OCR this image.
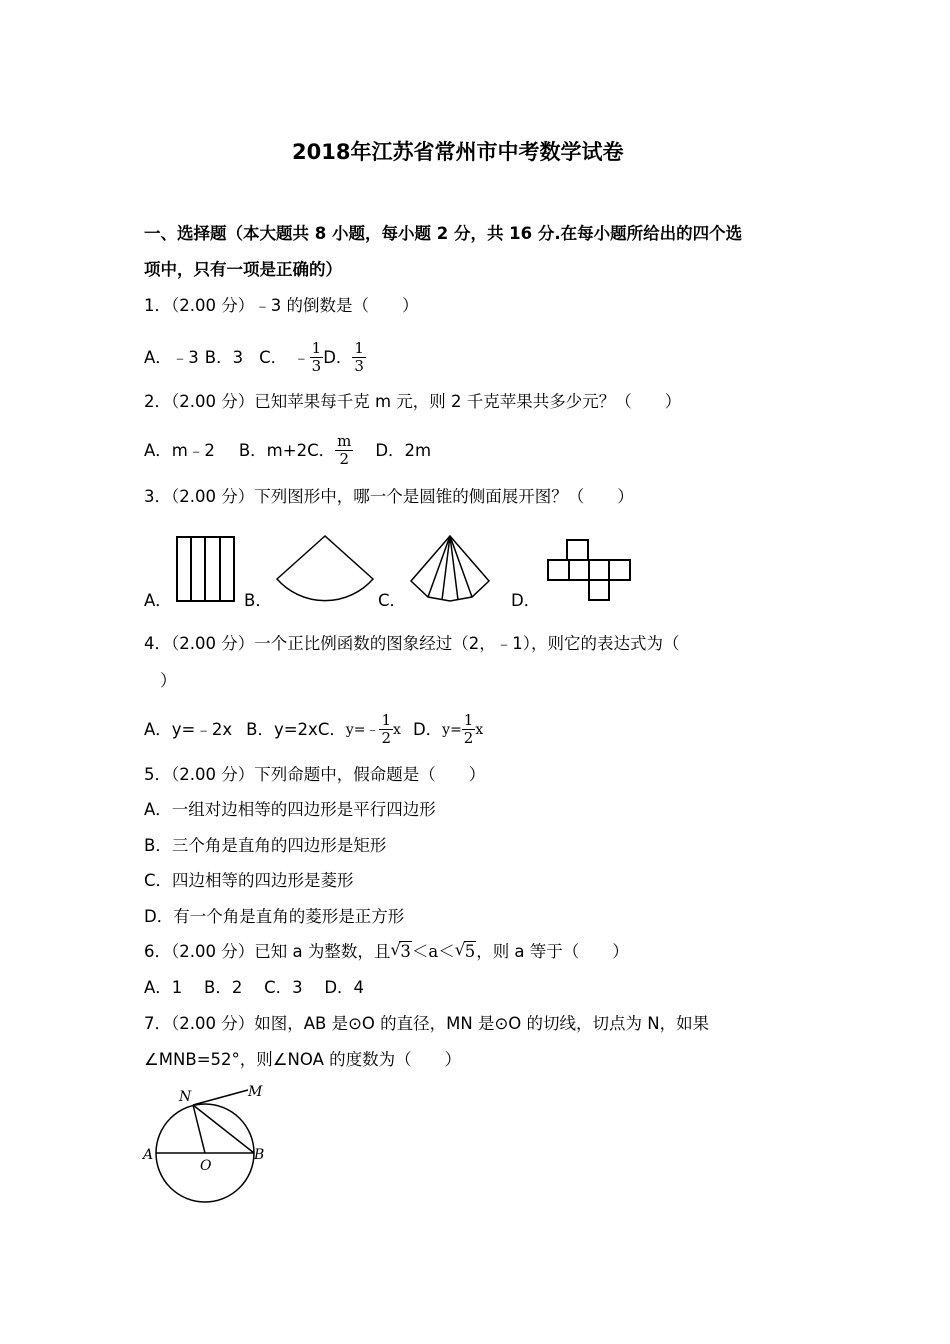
2018年江苏省常州市中考数学试卷
一、选择题（本大题共 8 小题，每小题 2 分，共 16 分.在每小题所给出的四个选
项中，只有一项是正确的）
1．（2.00 分）﹣3 的倒数是（　　）
A．﹣3 B．3 C． ﹣ $\frac{1}{3}$ D． $\frac{1}{3}$
2．（2.00 分）已知苹果每千克 m 元，则 2 千克苹果共多少元？（　　）
A．m﹣2 B．m+2 C． $\frac{m}{2}$ D．2m
3．（2.00 分）下列图形中，哪一个是圆锥的侧面展开图？（　　）
A．	B．	C．	D．
4．（2.00 分）一个正比例函数的图象经过（2，﹣1），则它的表达式为（
）
A．y=﹣2x B．y=2x C． y=﹣ $\frac{1}{2}$ x D． $y= \frac{1}{2}$ x
5．（2.00 分）下列命题中，假命题是（　　）
A．一组对边相等的四边形是平行四边形
B．三个角是直角的四边形是矩形
C．四边相等的四边形是菱形
D．有一个角是直角的菱形是正方形
6．（2.00 分）已知 a 为整数，且 √ 3 ＜ a ＜ √ 5 ，则 a 等于（　　）
A．1　 B．2　 C．3　 D．4
7．（2.00 分）如图，AB 是⊙O 的直径，MN 是⊙O 的切线，切点为 N，如果
∠MNB=52°，则∠NOA 的度数为（　　）
N	M
A
O
B
